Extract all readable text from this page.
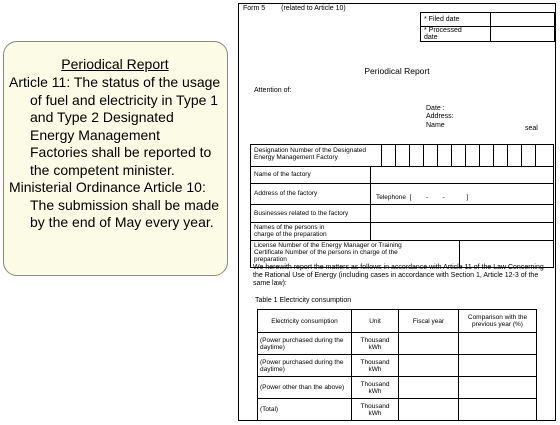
Periodical Report
Article 11: The status of the usage of fuel and electricity in Type 1 and Type 2 Designated Energy Management Factories shall be reported to the competent minister.
Ministerial Ordinance Article 10: The submission shall be made by the end of May every year.
Form 5 (related to Article 10)
* Filed date	
* Processed
date	

Periodical Report
Attention of:
Date :
Address:
Name	seal
Designation Number of the Designated
Energy Management Factory
Name of the factory
Address of the factory
Telephone  [        -        -            ]
Businesses related to the factory
Names of the persons in
charge of the preparation
License Number of the Energy Manager or Training
Certificate Number of the persons in charge of the
preparation
We herewith report the matters as follows in accordance with Article 11 of the Law Concerning the Rational Use of Energy (including cases in accordance with Section 1, Article 12-3 of the same law):
Table 1 Electricity consumption
Electricity consumption	Unit	Fiscal year	Comparison with the previous year (%)
(Power purchased during the daytime)	Thousand kWh		
(Power purchased during the daytime)	Thousand kWh		
(Power other than the above)	Thousand kWh		
(Total)	Thousand kWh		
